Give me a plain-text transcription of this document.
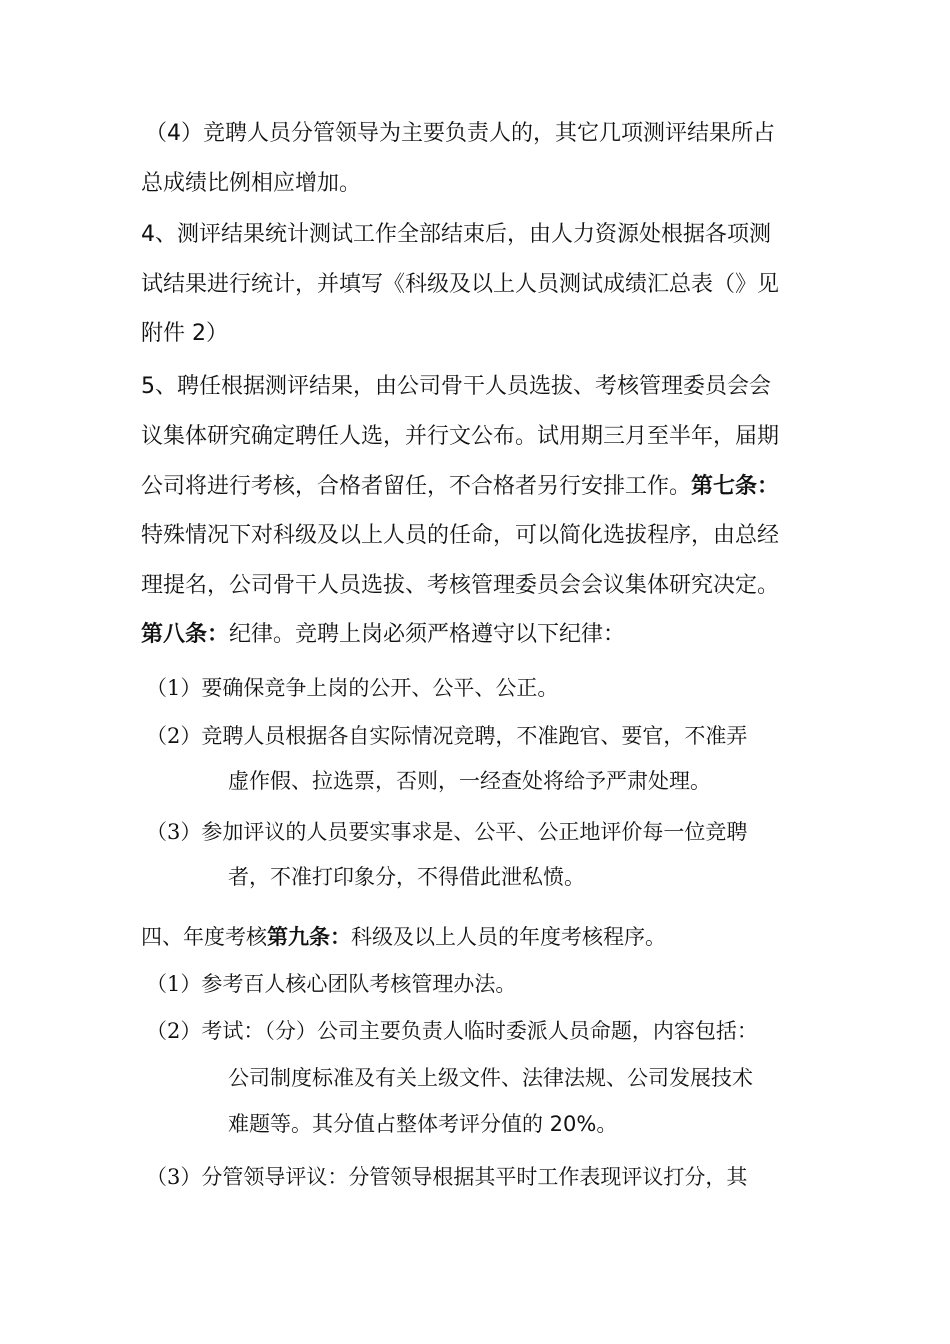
（4）竞聘人员分管领导为主要负责人的，其它几项测评结果所占
总成绩比例相应增加。
4、测评结果统计测试工作全部结束后，由人力资源处根据各项测
试结果进行统计，并填写《科级及以上人员测试成绩汇总表（》见
附件 2）
5、聘任根据测评结果，由公司骨干人员选拔、考核管理委员会会
议集体研究确定聘任人选，并行文公布。试用期三月至半年，届期
公司将进行考核，合格者留任，不合格者另行安排工作。第七条：
特殊情况下对科级及以上人员的任命，可以简化选拔程序，由总经
理提名，公司骨干人员选拔、考核管理委员会会议集体研究决定。
第八条：纪律。竞聘上岗必须严格遵守以下纪律：
（1）要确保竞争上岗的公开、公平、公正。
（2）竞聘人员根据各自实际情况竞聘，不准跑官、要官，不准弄
虚作假、拉选票，否则，一经查处将给予严肃处理。
（3）参加评议的人员要实事求是、公平、公正地评价每一位竞聘
者，不准打印象分，不得借此泄私愤。
四、年度考核第九条：科级及以上人员的年度考核程序。
（1）参考百人核心团队考核管理办法。
（2）考试：（分）公司主要负责人临时委派人员命题，内容包括：
公司制度标准及有关上级文件、法律法规、公司发展技术
难题等。其分值占整体考评分值的 20%。
（3）分管领导评议：分管领导根据其平时工作表现评议打分，其
